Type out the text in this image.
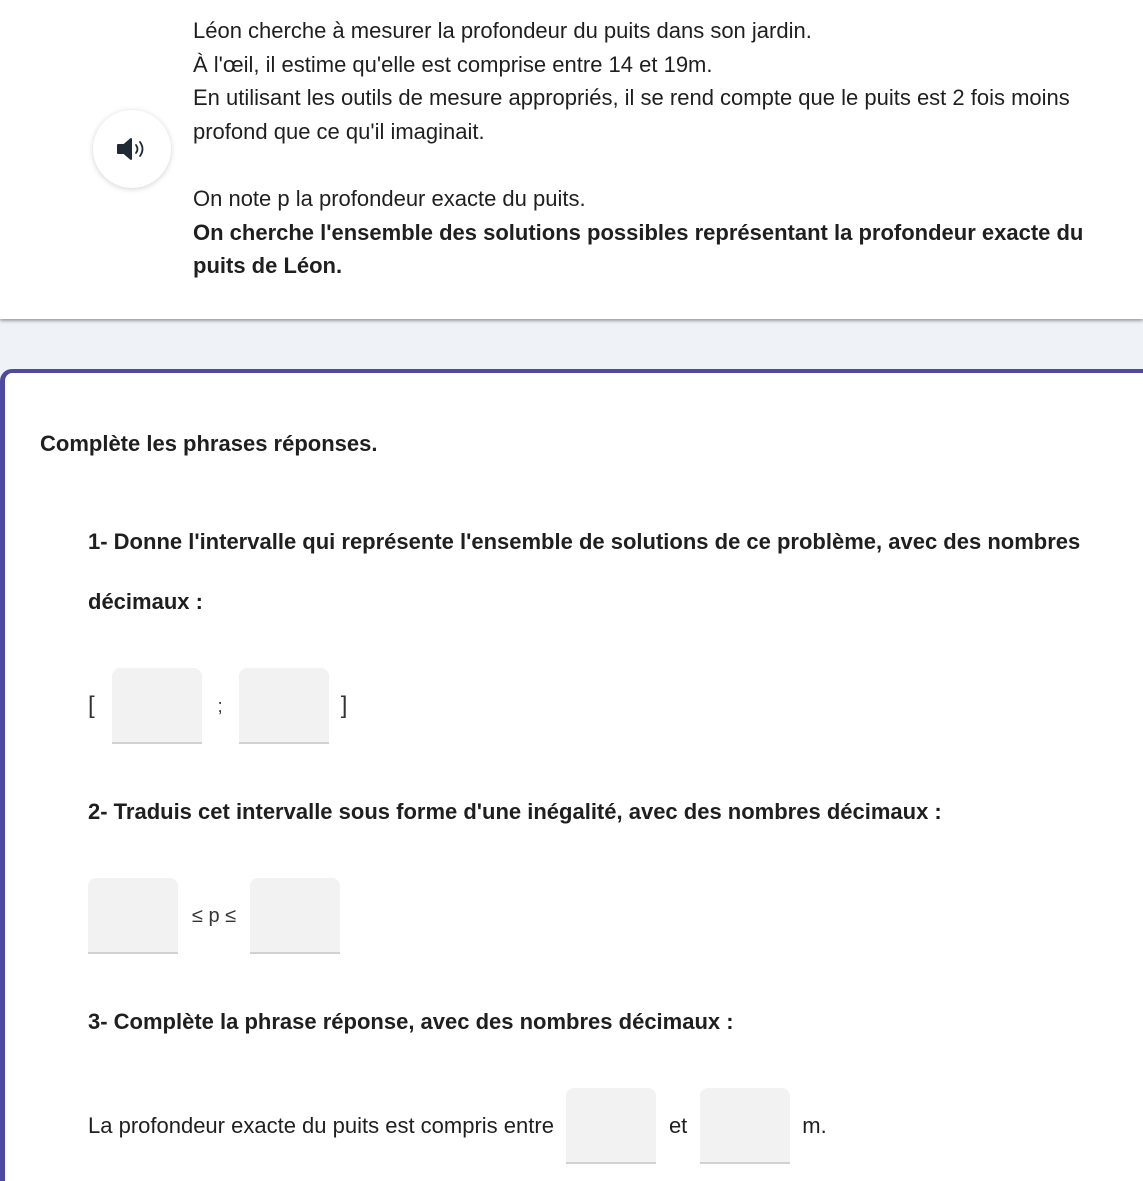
Léon cherche à mesurer la profondeur du puits dans son jardin.

À l'œil, il estime qu'elle est comprise entre 14 et 19m.

En utilisant les outils de mesure appropriés, il se rend compte que le puits est 2 fois moins profond que ce qu'il imaginait.

On note p la profondeur exacte du puits.

On cherche l'ensemble des solutions possibles représentant la profondeur exacte du puits de Léon.

Complète les phrases réponses.
1- Donne l'intervalle qui représente l'ensemble de solutions de ce problème, avec des nombres décimaux :
[	;	]
2- Traduis cet intervalle sous forme d'une inégalité, avec des nombres décimaux :
≤ p ≤
3- Complète la phrase réponse, avec des nombres décimaux :
La profondeur exacte du puits est compris entre	et	m.
